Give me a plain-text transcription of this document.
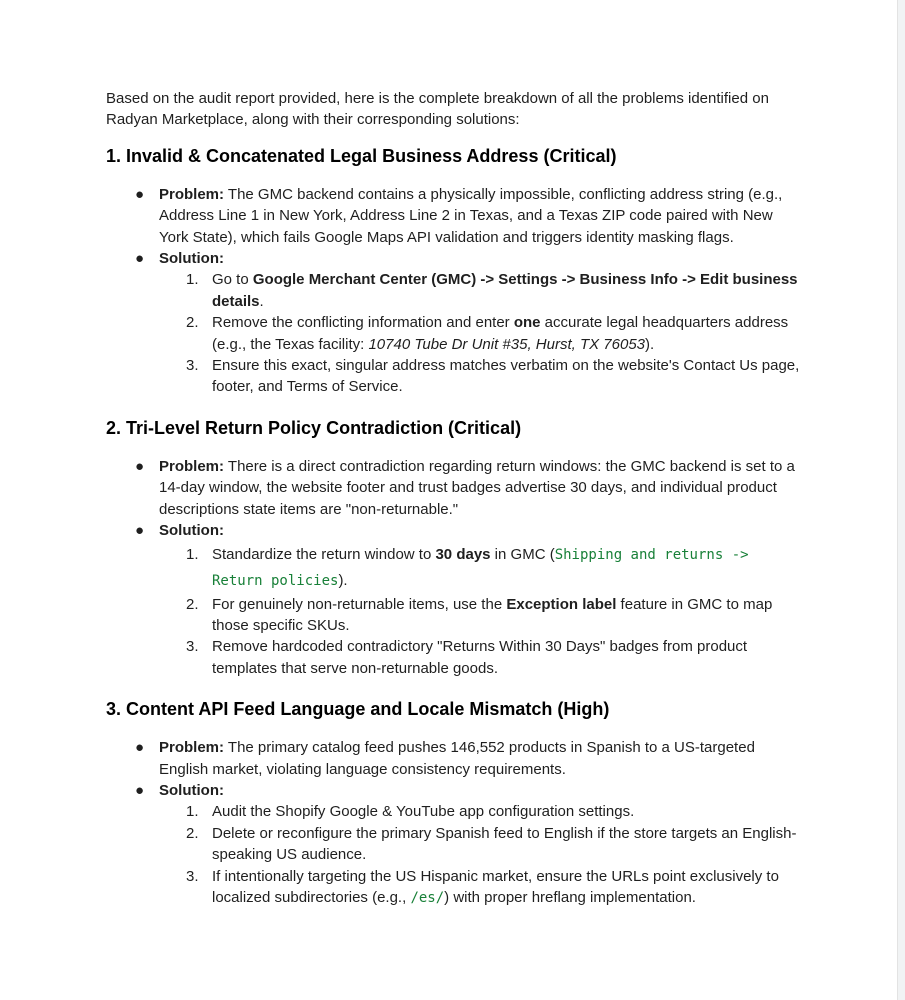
Based on the audit report provided, here is the complete breakdown of all the problems identified on Radyan Marketplace, along with their corresponding solutions:

1. Invalid & Concatenated Legal Business Address (Critical)
● Problem: The GMC backend contains a physically impossible, conflicting address string (e.g., Address Line 1 in New York, Address Line 2 in Texas, and a Texas ZIP code paired with New York State), which fails Google Maps API validation and triggers identity masking flags.
● Solution:
1. Go to Google Merchant Center (GMC) -> Settings -> Business Info -> Edit business details.
2. Remove the conflicting information and enter one accurate legal headquarters address (e.g., the Texas facility: 10740 Tube Dr Unit #35, Hurst, TX 76053).
3. Ensure this exact, singular address matches verbatim on the website's Contact Us page, footer, and Terms of Service.
2. Tri-Level Return Policy Contradiction (Critical)
● Problem: There is a direct contradiction regarding return windows: the GMC backend is set to a 14-day window, the website footer and trust badges advertise 30 days, and individual product descriptions state items are "non-returnable."
● Solution:
1. Standardize the return window to 30 days in GMC (Shipping and returns -> Return policies).
2. For genuinely non-returnable items, use the Exception label feature in GMC to map those specific SKUs.
3. Remove hardcoded contradictory "Returns Within 30 Days" badges from product templates that serve non-returnable goods.
3. Content API Feed Language and Locale Mismatch (High)
● Problem: The primary catalog feed pushes 146,552 products in Spanish to a US-targeted English market, violating language consistency requirements.
● Solution:
1. Audit the Shopify Google & YouTube app configuration settings.
2. Delete or reconfigure the primary Spanish feed to English if the store targets an English-speaking US audience.
3. If intentionally targeting the US Hispanic market, ensure the URLs point exclusively to localized subdirectories (e.g., /es/) with proper hreflang implementation.
